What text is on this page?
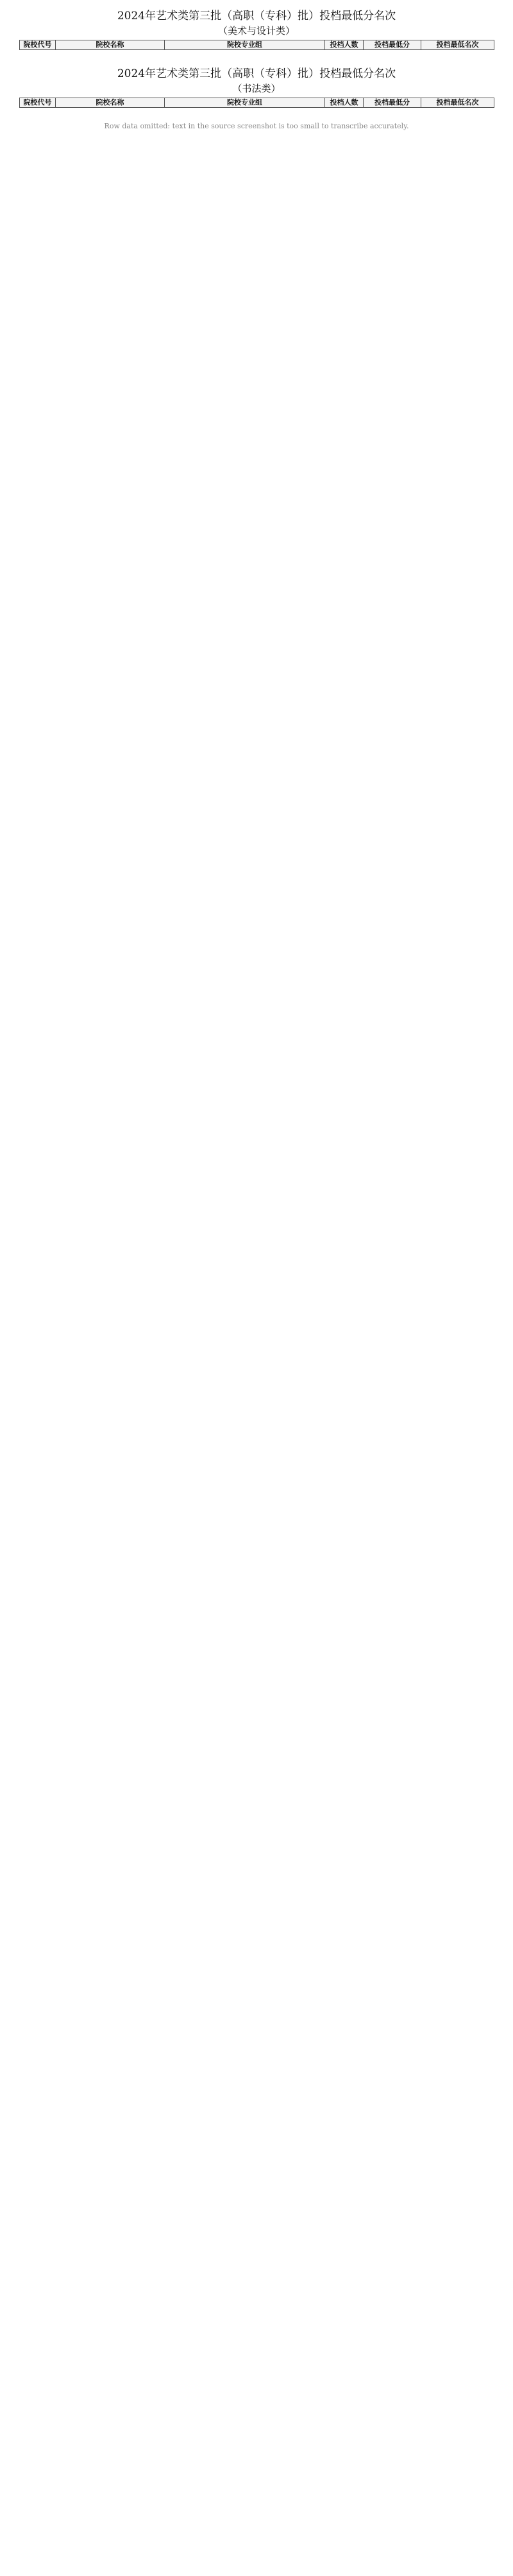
2024年艺术类第三批（高职（专科）批）投档最低分名次
（美术与设计类）
院校代号	院校名称	院校专业组	投档人数	投档最低分	投档最低名次
2024年艺术类第三批（高职（专科）批）投档最低分名次
（书法类）
院校代号	院校名称	院校专业组	投档人数	投档最低分	投档最低名次
Row data omitted: text in the source screenshot is too small to transcribe accurately.
